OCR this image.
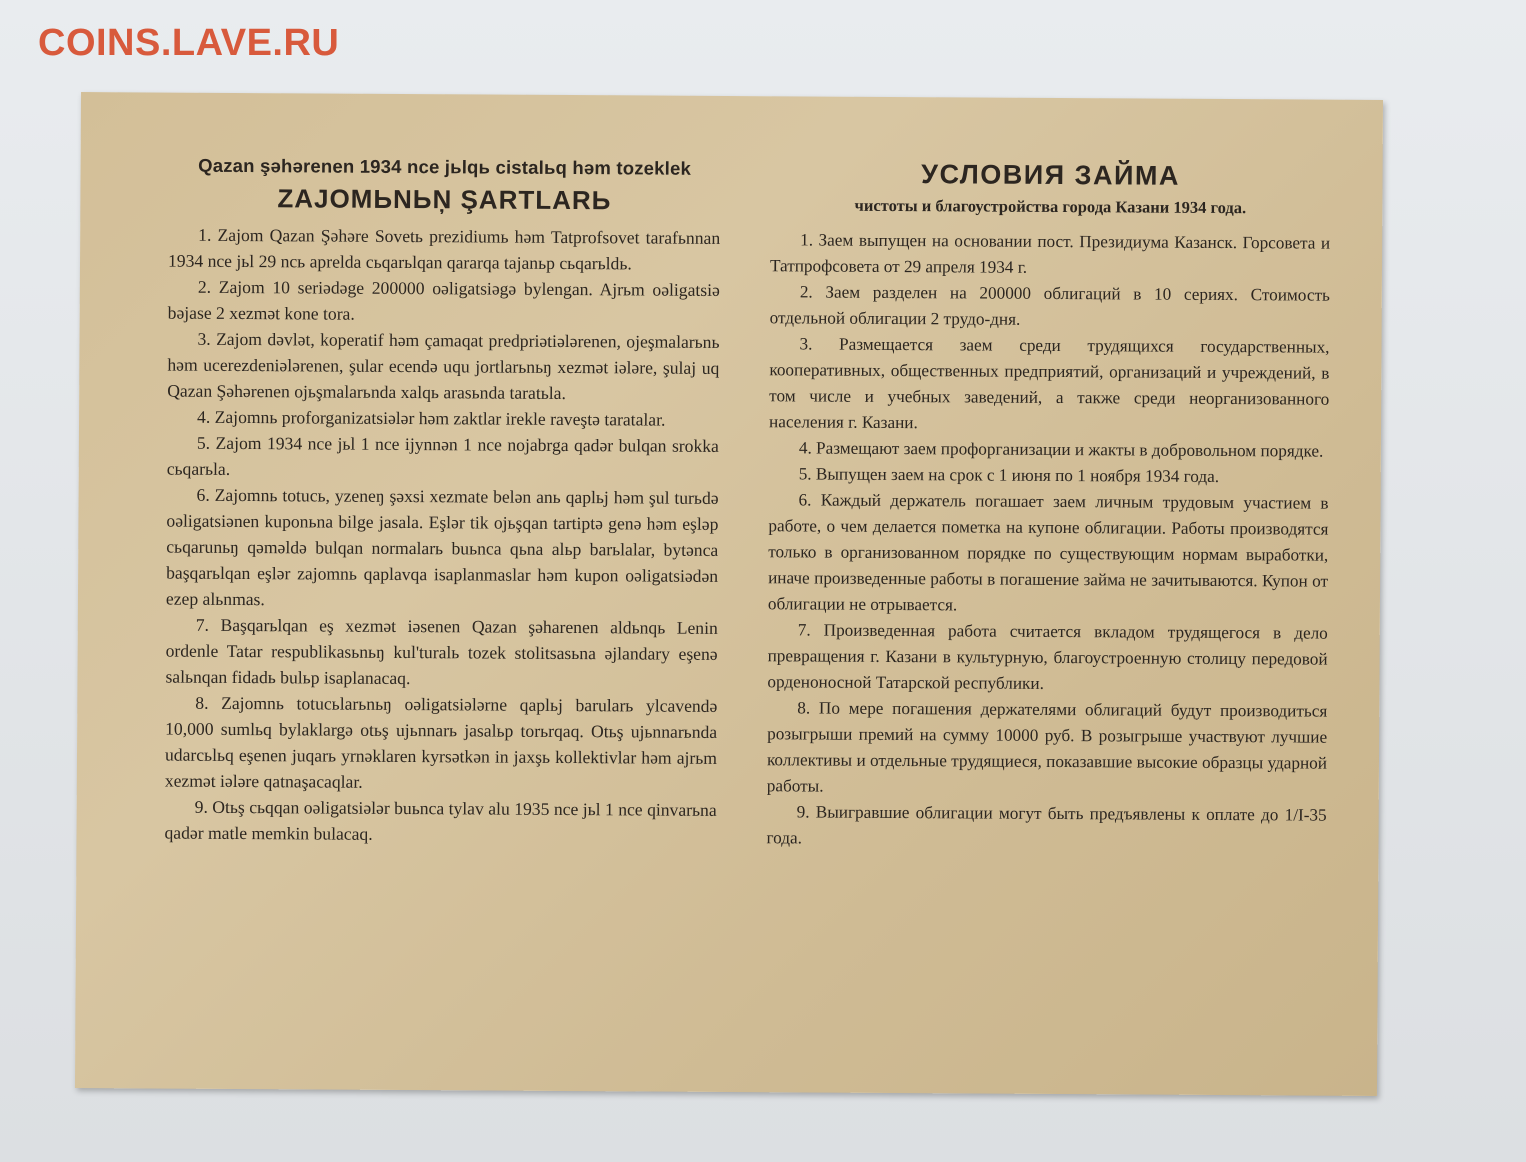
COINS.LAVE.RU
Qazan şəhərenen 1934 nce jьlqь cistalьq həm tozeklek
ZAJOMЬNЬŅ ŞARTLARЬ

1. Zajom Qazan Şəhəre Sovetь prezidiumь həm Tatprofsovet tarafьnnan 1934 nce jьl 29 ncь aprelda cьqarьlqan qararqa tajanьp cьqarьldь.

2. Zajom 10 seriədəge 200000 oəligatsiəgə bylengan. Ajrьm oəligatsiə bəjase 2 xezmət kone tora.

3. Zajom dəvlət, koperatif həm çamaqat predpriətiələrenen, oјeşmalarьnь həm ucerezdeniələrenen, şular ecendə uqu jortlarьnьŋ xezmət iələre, şulaj uq Qazan Şəhərenen ojьşmalarьnda xalqь arasьnda taratьla.

4. Zajomnь proforganizatsiələr həm zaktlar irekle raveştə taratalar.

5. Zajom 1934 nce jьl 1 nce ijynnən 1 nce nojabrga qadər bulqan srokka cьqarьla.

6. Zajomnь totucь, yzeneŋ şəxsi xezmate belən anь qaplьj həm şul turьdə oəligatsiənen kuponьna bilge jasala. Eşlər tik ojьşqan tartiptə genə həm eşləp cьqarunьŋ qəməldə bulqan normalarь buьnca qьna alьp barьlalar, bytənca başqarьlqan eşlər zajomnь qaplavqa isaplanmaslar həm kupon oəligatsiədən ezep alьnmas.

7. Başqarьlqan eş xezmət iəsenen Qazan şəharenen aldьnqь Lenin ordenle Tatar respublikasьnьŋ kul'turalь tozek stolitsasьna əjlandary eşenə salьnqan fidadь bulьp isaplanacaq.

8. Zajomnь totucьlarьnьŋ oəligatsiələrne qaplьj barularь ylcavendə 10,000 sumlьq bylaklargə otьş ujьnnarь jasalьp torьrqaq. Otьş ujьnnarьnda udarcьlьq eşenen juqarь yrnəklaren kyrsətkən in jaxşь kollektivlar həm ajrьm xezmət iələre qatnaşacaqlar.

9. Otьş cьqqan oəligatsiələr buьnca tylav alu 1935 nce jьl 1 nce qinvarьna qadər matle memkin bulacaq.

УСЛОВИЯ ЗАЙМА
чистоты и благоустройства города Казани 1934 года.

1. Заем выпущен на основании пост. Президиума Казанск. Горсовета и Татпрофсовета от 29 апреля 1934 г.

2. Заем разделен на 200000 облигаций в 10 сериях. Стоимость отдельной облигации 2 трудо-дня.

3. Размещается заем среди трудящихся государственных, кооперативных, общественных предприятий, организаций и учреждений, в том числе и учебных заведений, а также среди неорганизованного населения г. Казани.

4. Размещают заем профорганизации и жакты в добровольном порядке.

5. Выпущен заем на срок с 1 июня по 1 ноября 1934 года.

6. Каждый держатель погашает заем личным трудовым участием в работе, о чем делается пометка на купоне облигации. Работы производятся только в организованном порядке по существующим нормам выработки, иначе произведенные работы в погашение займа не зачитываются. Купон от облигации не отрывается.

7. Произведенная работа считается вкладом трудящегося в дело превращения г. Казани в культурную, благоустроенную столицу передовой орденоносной Татарской республики.

8. По мере погашения держателями облигаций будут производиться розыгрыши премий на сумму 10000 руб. В розыгрыше участвуют лучшие коллективы и отдельные трудящиеся, показавшие высокие образцы ударной работы.

9. Выигравшие облигации могут быть предъявлены к оплате до 1/I-35 года.
